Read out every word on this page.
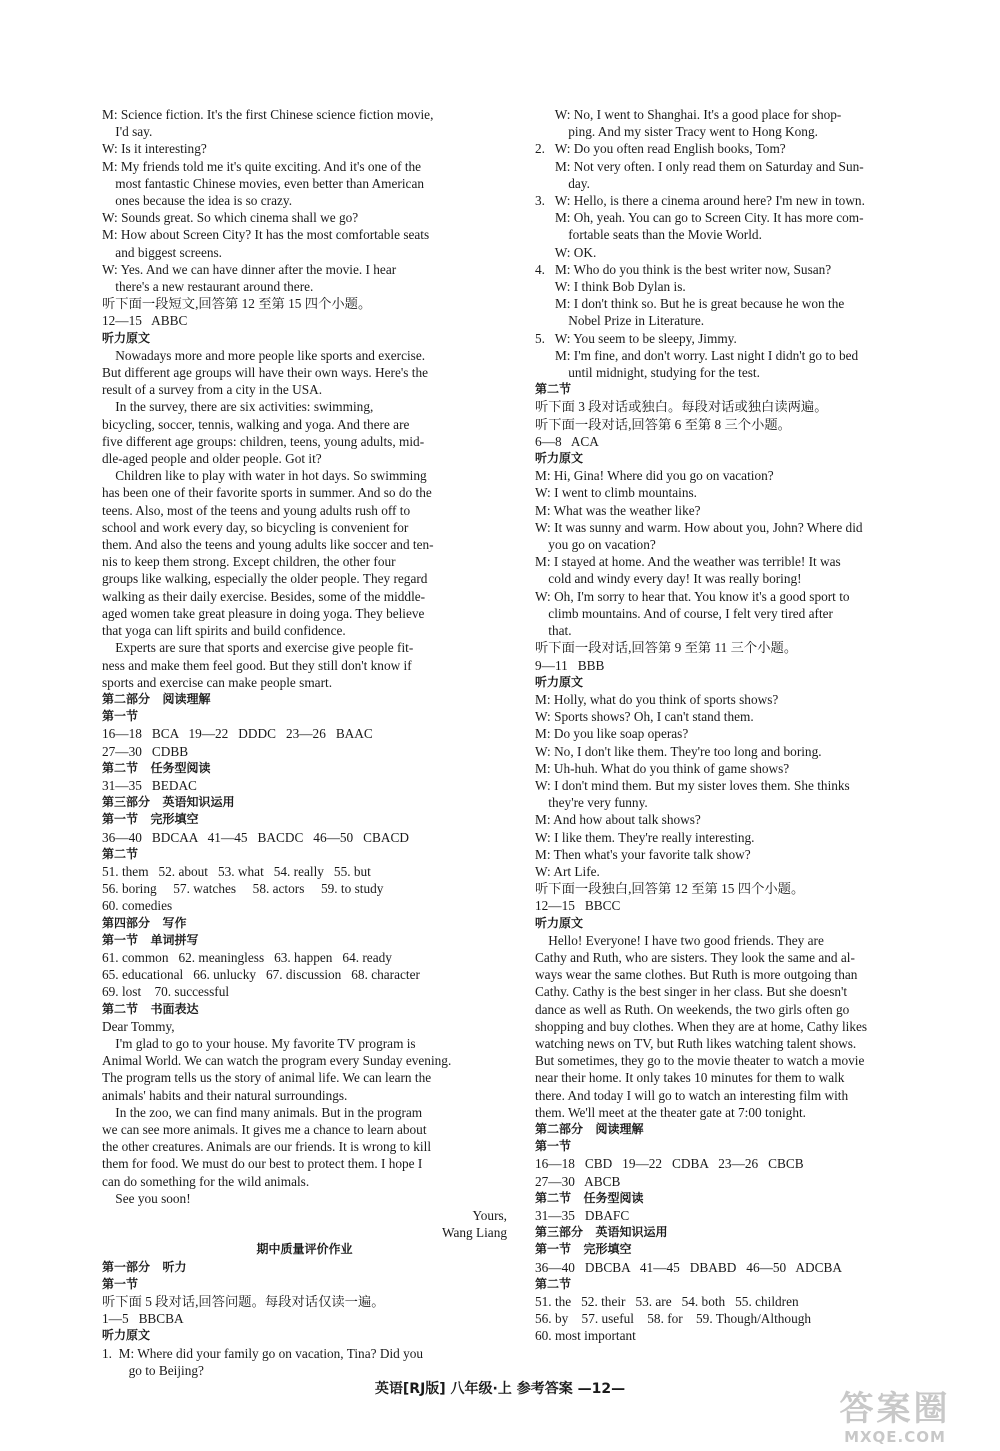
M: Science fiction. It's the first Chinese science fiction movie,
I'd say.
W: Is it interesting?
M: My friends told me it's quite exciting. And it's one of the
most fantastic Chinese movies, even better than American
ones because the idea is so crazy.
W: Sounds great. So which cinema shall we go?
M: How about Screen City? It has the most comfortable seats
and biggest screens.
W: Yes. And we can have dinner after the movie. I hear
there's a new restaurant around there.
听下面一段短文,回答第 12 至第 15 四个小题。
12—15   ABBC
听力原文
Nowadays more and more people like sports and exercise.
But different age groups will have their own ways. Here's the
result of a survey from a city in the USA.
In the survey, there are six activities: swimming,
bicycling, soccer, tennis, walking and yoga. And there are
five different age groups: children, teens, young adults, mid-
dle-aged people and older people. Got it?
Children like to play with water in hot days. So swimming
has been one of their favorite sports in summer. And so do the
teens. Also, most of the teens and young adults rush off to
school and work every day, so bicycling is convenient for
them. And also the teens and young adults like soccer and ten-
nis to keep them strong. Except children, the other four
groups like walking, especially the older people. They regard
walking as their daily exercise. Besides, some of the middle-
aged women take great pleasure in doing yoga. They believe
that yoga can lift spirits and build confidence.
Experts are sure that sports and exercise give people fit-
ness and make them feel good. But they still don't know if
sports and exercise can make people smart.
第二部分   阅读理解
第一节
16—18   BCA   19—22   DDDC   23—26   BAAC
27—30   CDBB
第二节   任务型阅读
31—35   BEDAC
第三部分   英语知识运用
第一节   完形填空
36—40   BDCAA   41—45   BACDC   46—50   CBACD
第二节
51. them   52. about   53. what   54. really   55. but
56. boring     57. watches     58. actors     59. to study
60. comedies
第四部分   写作
第一节   单词拼写
61. common   62. meaningless   63. happen   64. ready
65. educational   66. unlucky   67. discussion   68. character
69. lost    70. successful
第二节   书面表达
Dear Tommy,
I'm glad to go to your house. My favorite TV program is
Animal World. We can watch the program every Sunday evening.
The program tells us the story of animal life. We can learn the
animals' habits and their natural surroundings.
In the zoo, we can find many animals. But in the program
we can see more animals. It gives me a chance to learn about
the other creatures. Animals are our friends. It is wrong to kill
them for food. We must do our best to protect them. I hope I
can do something for the wild animals.
See you soon!
Yours,
Wang Liang
期中质量评价作业
第一部分   听力
第一节
听下面 5 段对话,回答问题。每段对话仅读一遍。
1—5   BBCBA
听力原文
1.  M: Where did your family go on vacation, Tina? Did you
go to Beijing?
W: No, I went to Shanghai. It's a good place for shop-
ping. And my sister Tracy went to Hong Kong.
2.   W: Do you often read English books, Tom?
M: Not very often. I only read them on Saturday and Sun-
day.
3.   W: Hello, is there a cinema around here? I'm new in town.
M: Oh, yeah. You can go to Screen City. It has more com-
fortable seats than the Movie World.
W: OK.
4.   M: Who do you think is the best writer now, Susan?
W: I think Bob Dylan is.
M: I don't think so. But he is great because he won the
Nobel Prize in Literature.
5.   W: You seem to be sleepy, Jimmy.
M: I'm fine, and don't worry. Last night I didn't go to bed
until midnight, studying for the test.
第二节
听下面 3 段对话或独白。每段对话或独白读两遍。
听下面一段对话,回答第 6 至第 8 三个小题。
6—8   ACA
听力原文
M: Hi, Gina! Where did you go on vacation?
W: I went to climb mountains.
M: What was the weather like?
W: It was sunny and warm. How about you, John? Where did
you go on vacation?
M: I stayed at home. And the weather was terrible! It was
cold and windy every day! It was really boring!
W: Oh, I'm sorry to hear that. You know it's a good sport to
climb mountains. And of course, I felt very tired after
that.
听下面一段对话,回答第 9 至第 11 三个小题。
9—11   BBB
听力原文
M: Holly, what do you think of sports shows?
W: Sports shows? Oh, I can't stand them.
M: Do you like soap operas?
W: No, I don't like them. They're too long and boring.
M: Uh-huh. What do you think of game shows?
W: I don't mind them. But my sister loves them. She thinks
they're very funny.
M: And how about talk shows?
W: I like them. They're really interesting.
M: Then what's your favorite talk show?
W: Art Life.
听下面一段独白,回答第 12 至第 15 四个小题。
12—15   BBCC
听力原文
Hello! Everyone! I have two good friends. They are
Cathy and Ruth, who are sisters. They look the same and al-
ways wear the same clothes. But Ruth is more outgoing than
Cathy. Cathy is the best singer in her class. But she doesn't
dance as well as Ruth. On weekends, the two girls often go
shopping and buy clothes. When they are at home, Cathy likes
watching news on TV, but Ruth likes watching talent shows.
But sometimes, they go to the movie theater to watch a movie
near their home. It only takes 10 minutes for them to walk
there. And today I will go to watch an interesting film with
them. We'll meet at the theater gate at 7:00 tonight.
第二部分   阅读理解
第一节
16—18   CBD   19—22   CDBA   23—26   CBCB
27—30   ABCB
第二节   任务型阅读
31—35   DBAFC
第三部分   英语知识运用
第一节   完形填空
36—40   DBCBA   41—45   DBABD   46—50   ADCBA
第二节
51. the   52. their   53. are   54. both   55. children
56. by    57. useful    58. for    59. Though/Although
60. most important
英语[RJ版] 八年级·上 参考答案 —12—	答案圈
MXQE.COM
